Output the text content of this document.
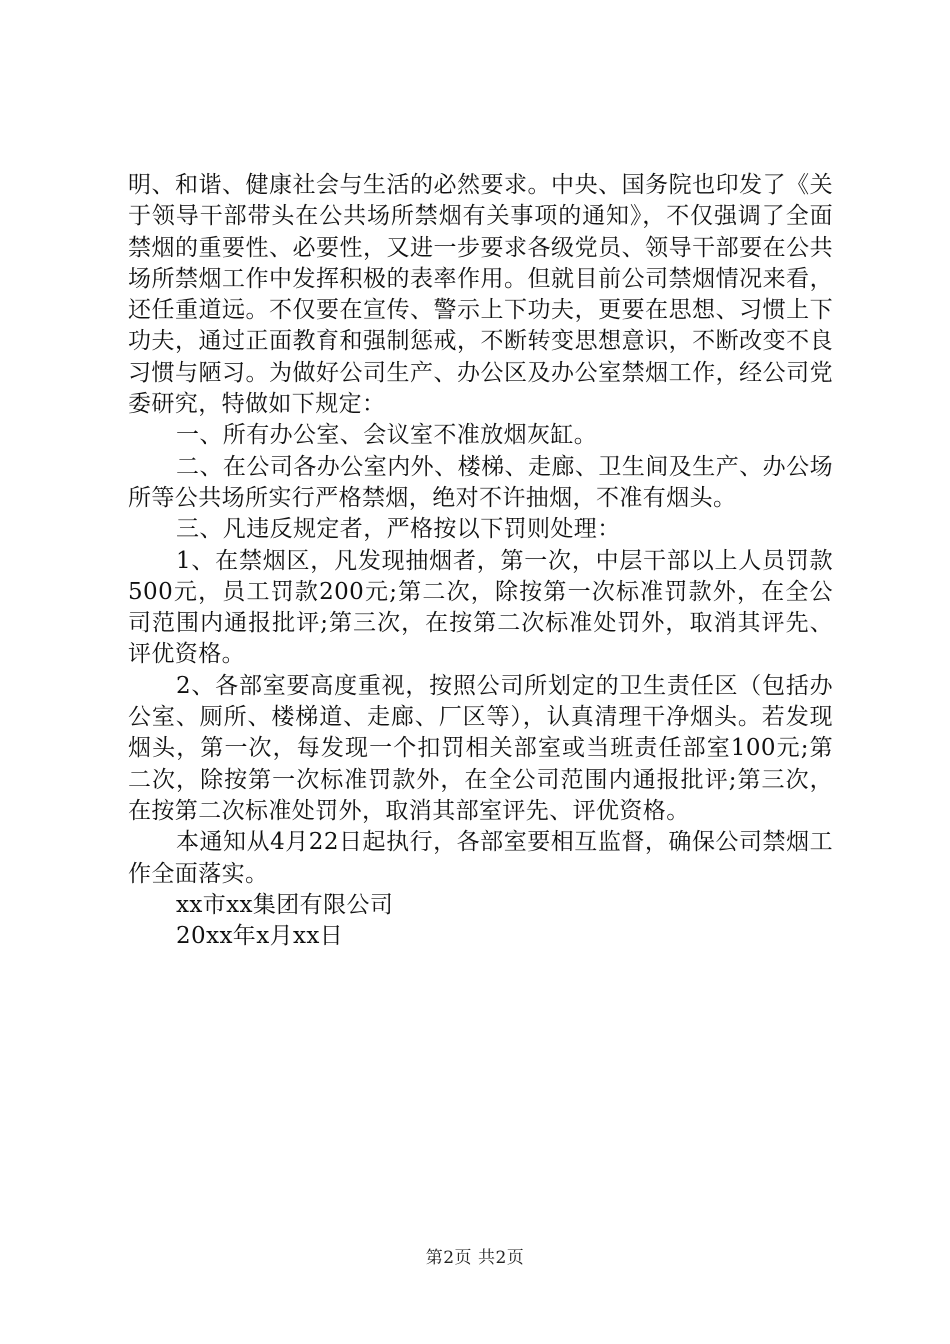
明、和谐、健康社会与生活的必然要求。中央、国务院也印发了《关于领导干部带头在公共场所禁烟有关事项的通知》，不仅强调了全面禁烟的重要性、必要性，又进一步要求各级党员、领导干部要在公共场所禁烟工作中发挥积极的表率作用。但就目前公司禁烟情况来看，还任重道远。不仅要在宣传、警示上下功夫，更要在思想、习惯上下功夫，通过正面教育和强制惩戒，不断转变思想意识，不断改变不良习惯与陋习。为做好公司生产、办公区及办公室禁烟工作，经公司党委研究，特做如下规定：

一、所有办公室、会议室不准放烟灰缸。

二、在公司各办公室内外、楼梯、走廊、卫生间及生产、办公场所等公共场所实行严格禁烟，绝对不许抽烟，不准有烟头。

三、凡违反规定者，严格按以下罚则处理：

1、在禁烟区，凡发现抽烟者，第一次，中层干部以上人员罚款500元，员工罚款200元;第二次，除按第一次标准罚款外，在全公司范围内通报批评;第三次，在按第二次标准处罚外，取消其评先、评优资格。

2、各部室要高度重视，按照公司所划定的卫生责任区（包括办公室、厕所、楼梯道、走廊、厂区等），认真清理干净烟头。若发现烟头，第一次，每发现一个扣罚相关部室或当班责任部室100元;第二次，除按第一次标准罚款外，在全公司范围内通报批评;第三次，在按第二次标准处罚外，取消其部室评先、评优资格。

本通知从4月22日起执行，各部室要相互监督，确保公司禁烟工作全面落实。

xx市xx集团有限公司

20xx年x月xx日

第2页 共2页
